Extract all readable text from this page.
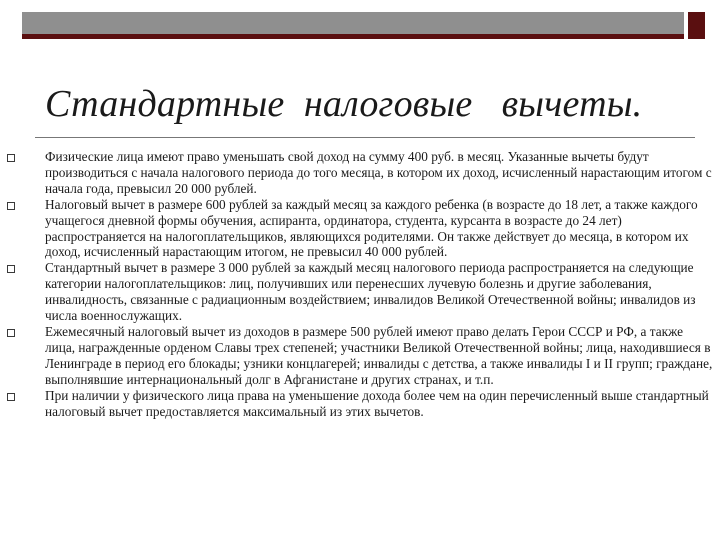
Стандартные  налоговые   вычеты.
Физические лица имеют право уменьшать свой доход на сумму 400 руб. в месяц. Указанные вычеты будут производиться с начала налогового периода до того месяца, в котором их доход, исчисленный нарастающим итогом с начала года, превысил 20 000 рублей.
Налоговый вычет в размере 600 рублей за каждый месяц за каждого ребенка (в возрасте до 18 лет, а также каждого учащегося дневной формы обучения, аспиранта, ординатора, студента, курсанта в возрасте до 24 лет) распространяется на налогоплательщиков, являющихся родителями. Он также действует до месяца, в котором их доход, исчисленный нарастающим итогом, не превысил 40 000 рублей.
Стандартный вычет в размере 3 000 рублей за каждый месяц налогового периода распространяется на следующие категории налогоплательщиков: лиц, получивших или перенесших лучевую болезнь и другие заболевания, инвалидность, связанные с радиационным воздействием; инвалидов Великой Отечественной войны; инвалидов из числа военнослужащих.
Ежемесячный налоговый вычет из доходов в размере 500 рублей имеют право делать Герои СССР и РФ, а также лица, награжденные орденом Славы трех степеней; участники Великой Отечественной войны; лица, находившиеся в Ленинграде в период его блокады; узники концлагерей; инвалиды с детства, а также инвалиды I и II групп; граждане, выполнявшие интернациональный долг в Афганистане и других странах, и т.п.
При наличии у физического лица права на уменьшение дохода более чем на один перечисленный выше стандартный налоговый вычет предоставляется максимальный из этих вычетов.
